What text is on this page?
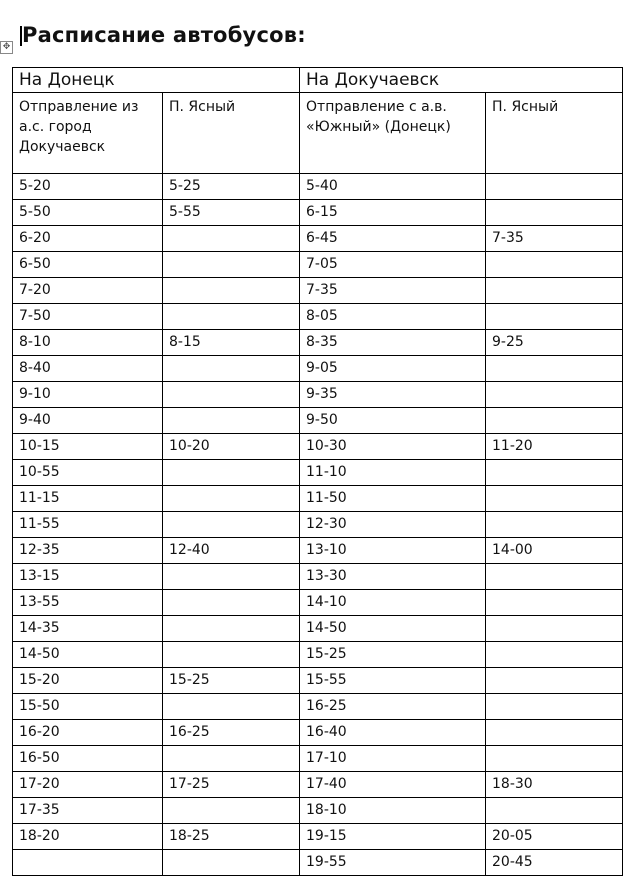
✥ Расписание автобусов:
На Донецк		На Докучаевск	
Отправление из а.с. город Докучаевск	П. Ясный	Отправление с а.в. «Южный» (Донецк)	П. Ясный
5-20	5-25	5-40	
5-50	5-55	6-15	
6-20		6-45	7-35
6-50		7-05	
7-20		7-35	
7-50		8-05	
8-10	8-15	8-35	9-25
8-40		9-05	
9-10		9-35	
9-40		9-50	
10-15	10-20	10-30	11-20
10-55		11-10	
11-15		11-50	
11-55		12-30	
12-35	12-40	13-10	14-00
13-15		13-30	
13-55		14-10	
14-35		14-50	
14-50		15-25	
15-20	15-25	15-55	
15-50		16-25	
16-20	16-25	16-40	
16-50		17-10	
17-20	17-25	17-40	18-30
17-35		18-10	
18-20	18-25	19-15	20-05
		19-55	20-45
